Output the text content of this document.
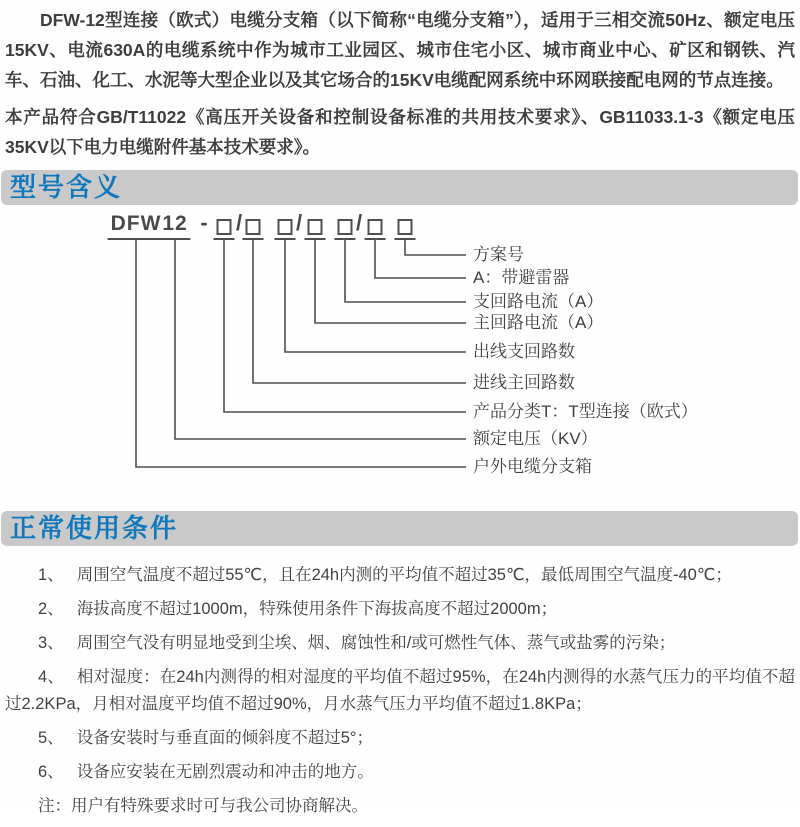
DFW-12型连接（欧式）电缆分支箱（以下简称“电缆分支箱”），适用于三相交流50Hz、额定电压15KV、电流630A的电缆系统中作为城市工业园区、城市住宅小区、城市商业中心、矿区和钢铁、汽车、石油、化工、水泥等大型企业以及其它场合的15KV电缆配网系统中环网联接配电网的节点连接。

本产品符合GB/T11022《高压开关设备和控制设备标准的共用技术要求》、GB11033.1-3《额定电压35KV以下电力电缆附件基本技术要求》。

型号含义
DFW 12 - / / /
方案号
A：带避雷器
支回路电流（A）
主回路电流（A）
出线支回路数
进线主回路数
产品分类T：T型连接（欧式）
额定电压（KV）
户外电缆分支箱
正常使用条件

1、 周围空气温度不超过55℃，且在24h内测的平均值不超过35℃，最低周围空气温度-40℃；

2、 海拔高度不超过1000m，特殊使用条件下海拔高度不超过2000m；

3、 周围空气没有明显地受到尘埃、烟、腐蚀性和/或可燃性气体、蒸气或盐雾的污染；

4、 相对湿度：在24h内测得的相对湿度的平均值不超过95%，在24h内测得的水蒸气压力的平均值不超过2.2KPa，月相对温度平均值不超过90%，月水蒸气压力平均值不超过1.8KPa；

5、 设备安装时与垂直面的倾斜度不超过5°；

6、 设备应安装在无剧烈震动和冲击的地方。

注：用户有特殊要求时可与我公司协商解决。
